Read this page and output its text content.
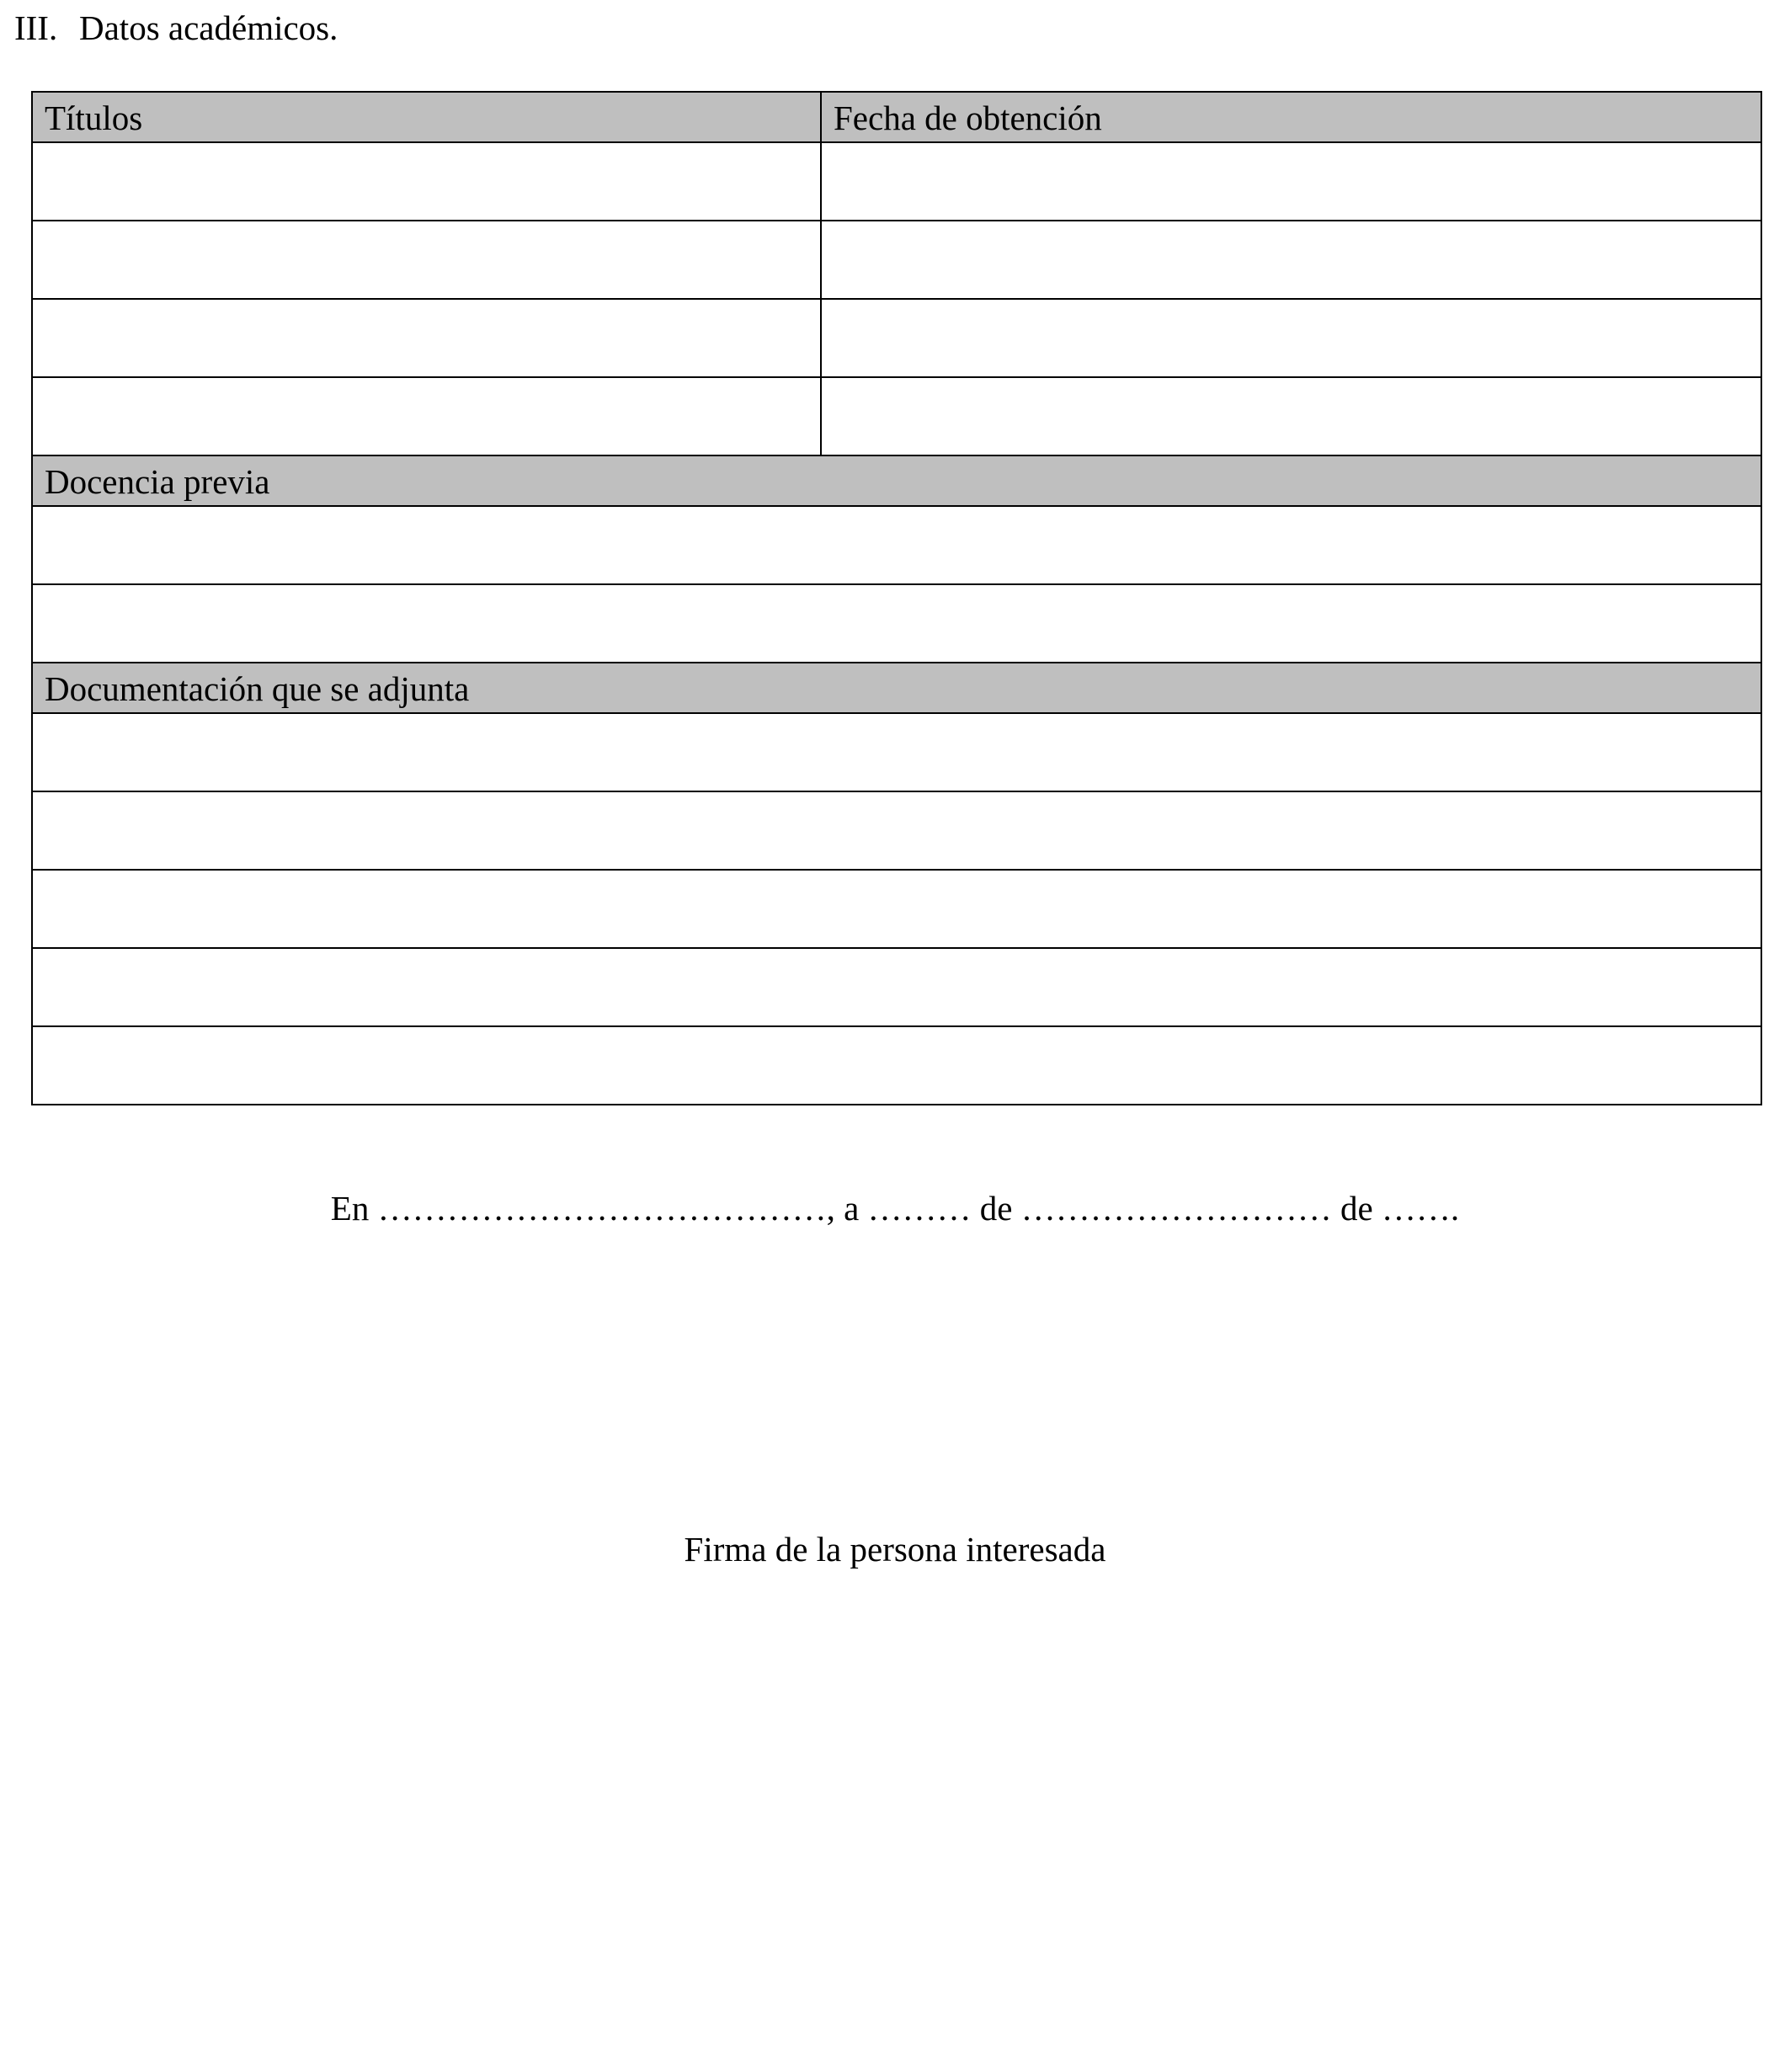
III. Datos académicos.
Títulos	Fecha de obtención

Docencia previa	

Documentación que se adjunta	

En …………………………………, a ……… de ……………………… de …….
Firma de la persona interesada
